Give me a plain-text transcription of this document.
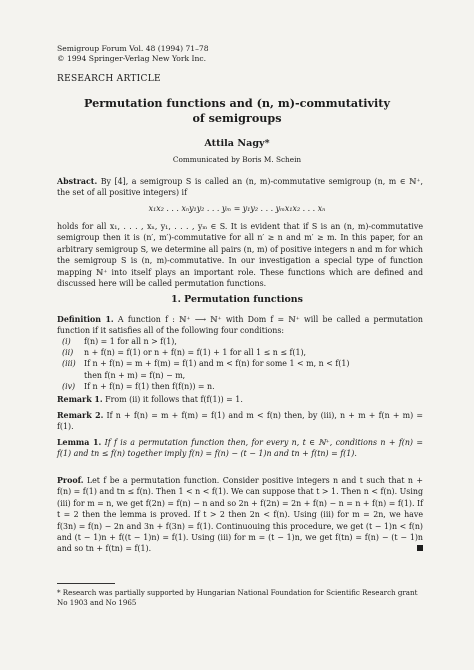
Semigroup Forum Vol. 48 (1994) 71–78
© 1994 Springer-Verlag New York Inc.
RESEARCH ARTICLE
Permutation functions and (n, m)-commutativity
of semigroups
Attila Nagy*
Communicated by Boris M. Schein
Abstract. By [4], a semigroup S is called an (n, m)-commutative semigroup (n, m ∈ ℕ⁺, the set of all positive integers) if
x₁x₂ . . . xₙy₁y₂ . . . yₘ = y₁y₂ . . . yₘx₁x₂ . . . xₙ
holds for all x₁, . . . , xₙ, y₁, . . . , yₘ ∈ S. It is evident that if S is an (n, m)-commutative semigroup then it is (n′, m′)-commutative for all n′ ≥ n and m′ ≥ m. In this paper, for an arbitrary semigroup S, we determine all pairs (n, m) of positive integers n and m for which the semigroup S is (n, m)-commutative. In our investigation a special type of function mapping ℕ⁺ into itself plays an important role. These functions which are defined and discussed here will be called permutation functions.
1. Permutation functions
Definition 1. A function f : ℕ⁺ ⟶ ℕ⁺ with Dom f = ℕ⁺ will be called a permutation function if it satisfies all of the following four conditions:
(i)	f(n) = 1 for all n > f(1),
(ii)	n + f(n) = f(1) or n + f(n) = f(1) + 1 for all 1 ≤ n ≤ f(1),
(iii)	If n + f(n) = m + f(m) = f(1) and m < f(n) for some 1 < m, n < f(1)
then f(n + m) = f(n) − m,
(iv)	If n + f(n) = f(1) then f(f(n)) = n.
Remark 1. From (ii) it follows that f(f(1)) = 1.
Remark 2. If n + f(n) = m + f(m) = f(1) and m < f(n) then, by (iii), n + m + f(n + m) = f(1).
Lemma 1. If f is a permutation function then, for every n, t ∈ ℕ⁺, conditions n + f(n) = f(1) and tn ≤ f(n) together imply f(n) = f(n) − (t − 1)n and tn + f(tn) = f(1).
Proof. Let f be a permutation function. Consider positive integers n and t such that n + f(n) = f(1) and tn ≤ f(n). Then 1 < n < f(1). We can suppose that t > 1. Then n < f(n). Using (iii) for m = n, we get f(2n) = f(n) − n and so 2n + f(2n) = 2n + f(n) − n = n + f(n) = f(1). If t = 2 then the lemma is proved. If t > 2 then 2n < f(n). Using (iii) for m = 2n, we have f(3n) = f(n) − 2n and 3n + f(3n) = f(1). Continuouing this procedure, we get (t − 1)n < f(n) and (t − 1)n + f((t − 1)n) = f(1). Using (iii) for m = (t − 1)n, we get f(tn) = f(n) − (t − 1)n and so tn + f(tn) = f(1).
* Research was partially supported by Hungarian National Foundation for Scientific Research grant No 1903 and No 1965
